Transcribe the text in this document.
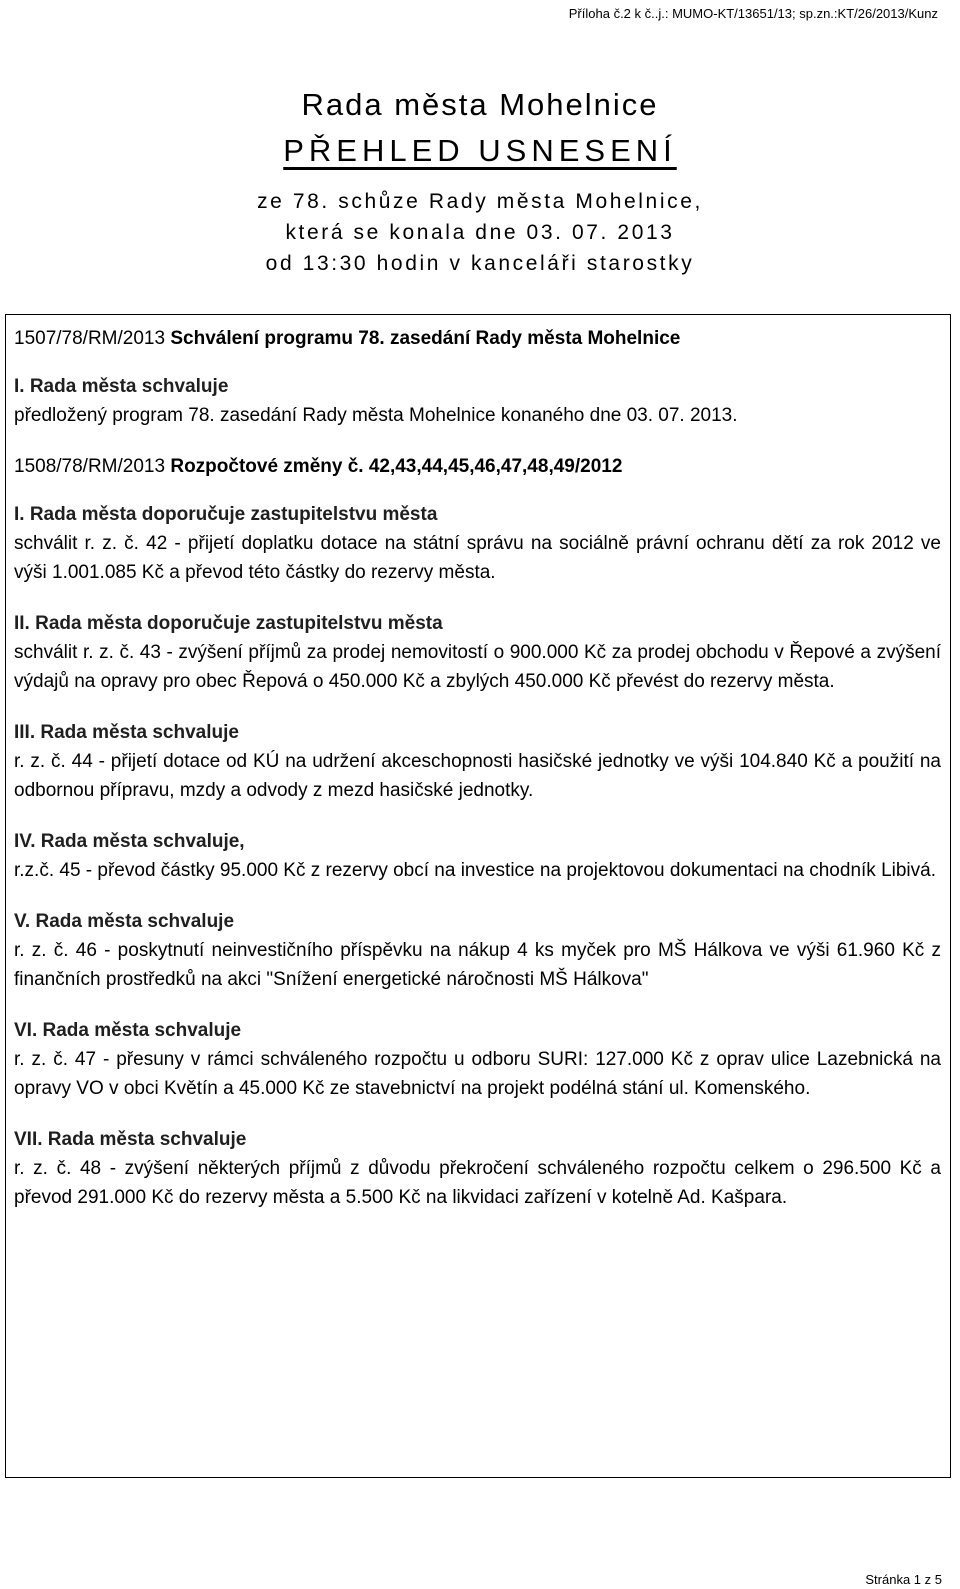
Příloha č.2 k č..j.: MUMO-KT/13651/13; sp.zn.:KT/26/2013/Kunz
Rada města Mohelnice
PŘEHLED USNESENÍ

ze 78. schůze Rady města Mohelnice,

která se konala dne 03. 07. 2013

od 13:30 hodin v kanceláři starostky

1507/78/RM/2013 Schválení programu 78. zasedání Rady města Mohelnice
I. Rada města schvaluje
předložený program 78. zasedání Rady města Mohelnice konaného dne 03. 07. 2013.
1508/78/RM/2013 Rozpočtové změny č. 42,43,44,45,46,47,48,49/2012
I. Rada města doporučuje zastupitelstvu města
schválit r. z. č. 42 - přijetí doplatku dotace na státní správu na sociálně právní ochranu dětí za rok 2012 ve výši 1.001.085 Kč a převod této částky do rezervy města.
II. Rada města doporučuje zastupitelstvu města
schválit r. z. č. 43 - zvýšení příjmů za prodej nemovitostí o 900.000 Kč za prodej obchodu v Řepové a zvýšení výdajů na opravy pro obec Řepová o 450.000 Kč a zbylých 450.000 Kč převést do rezervy města.
III. Rada města schvaluje
r. z. č. 44 - přijetí dotace od KÚ na udržení akceschopnosti hasičské jednotky ve výši 104.840 Kč a použití na odbornou přípravu, mzdy a odvody z mezd hasičské jednotky.
IV. Rada města schvaluje,
r.z.č. 45 - převod částky 95.000 Kč z rezervy obcí na investice na projektovou dokumentaci na chodník Libivá.
V. Rada města schvaluje
r. z. č. 46 - poskytnutí neinvestičního příspěvku na nákup 4 ks myček pro MŠ Hálkova ve výši 61.960 Kč z finančních prostředků na akci "Snížení energetické náročnosti MŠ Hálkova"
VI. Rada města schvaluje
r. z. č. 47 - přesuny v rámci schváleného rozpočtu u odboru SURI: 127.000 Kč z oprav ulice Lazebnická na opravy VO v obci Květín a 45.000 Kč ze stavebnictví na projekt podélná stání ul. Komenského.
VII. Rada města schvaluje
r. z. č. 48 - zvýšení některých příjmů z důvodu překročení schváleného rozpočtu celkem o 296.500 Kč a převod 291.000 Kč do rezervy města a 5.500 Kč na likvidaci zařízení v kotelně Ad. Kašpara.
Stránka 1 z 5
